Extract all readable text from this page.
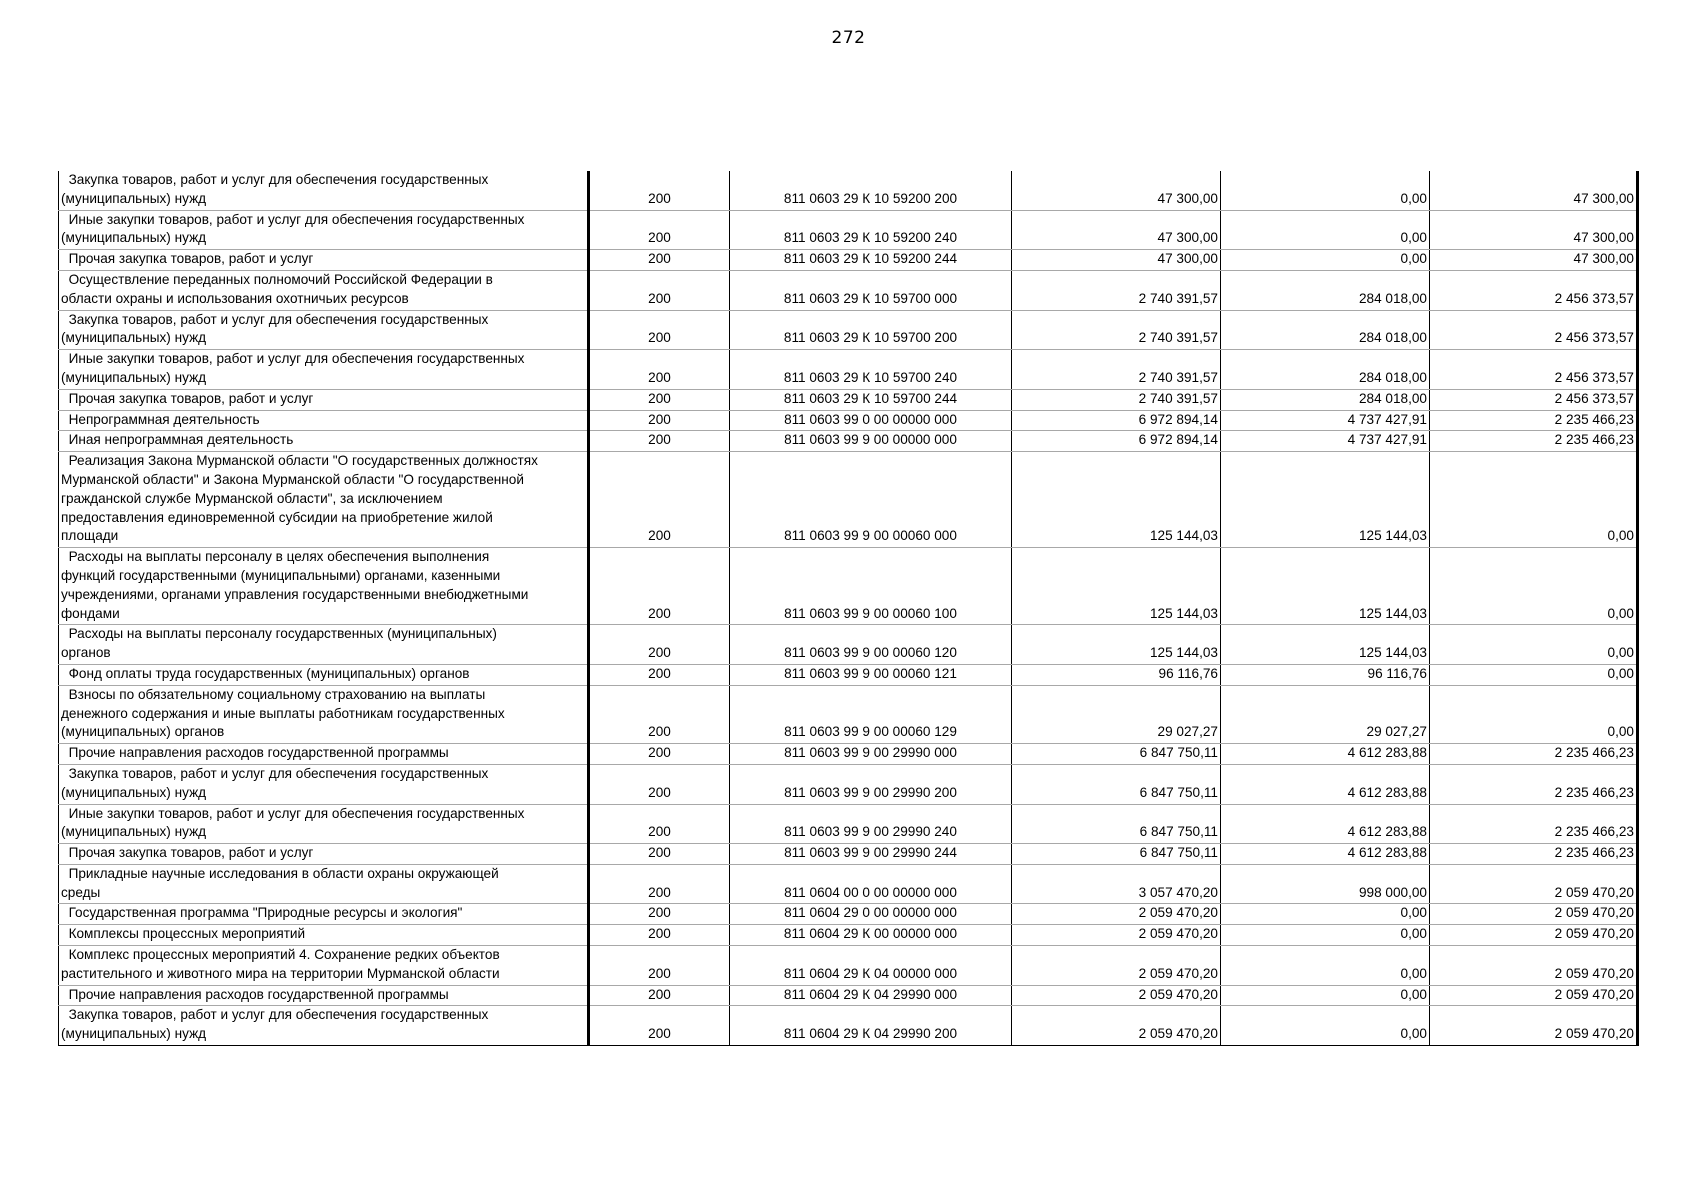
272
Закупка товаров, работ и услуг для обеспечения государственных
(муниципальных) нужд	200	811 0603 29 К 10 59200 200	47 300,00	0,00	47 300,00
Иные закупки товаров, работ и услуг для обеспечения государственных
(муниципальных) нужд	200	811 0603 29 К 10 59200 240	47 300,00	0,00	47 300,00
Прочая закупка товаров, работ и услуг	200	811 0603 29 К 10 59200 244	47 300,00	0,00	47 300,00
Осуществление переданных полномочий Российской Федерации в
области охраны и использования охотничьих ресурсов	200	811 0603 29 К 10 59700 000	2 740 391,57	284 018,00	2 456 373,57
Закупка товаров, работ и услуг для обеспечения государственных
(муниципальных) нужд	200	811 0603 29 К 10 59700 200	2 740 391,57	284 018,00	2 456 373,57
Иные закупки товаров, работ и услуг для обеспечения государственных
(муниципальных) нужд	200	811 0603 29 К 10 59700 240	2 740 391,57	284 018,00	2 456 373,57
Прочая закупка товаров, работ и услуг	200	811 0603 29 К 10 59700 244	2 740 391,57	284 018,00	2 456 373,57
Непрограммная деятельность	200	811 0603 99 0 00 00000 000	6 972 894,14	4 737 427,91	2 235 466,23
Иная непрограммная деятельность	200	811 0603 99 9 00 00000 000	6 972 894,14	4 737 427,91	2 235 466,23
Реализация Закона Мурманской области "О государственных должностях
Мурманской области" и Закона Мурманской области "О государственной
гражданской службе Мурманской области", за исключением
предоставления единовременной субсидии на приобретение жилой
площади	200	811 0603 99 9 00 00060 000	125 144,03	125 144,03	0,00
Расходы на выплаты персоналу в целях обеспечения выполнения
функций государственными (муниципальными) органами, казенными
учреждениями, органами управления государственными внебюджетными
фондами	200	811 0603 99 9 00 00060 100	125 144,03	125 144,03	0,00
Расходы на выплаты персоналу государственных (муниципальных)
органов	200	811 0603 99 9 00 00060 120	125 144,03	125 144,03	0,00
Фонд оплаты труда государственных (муниципальных) органов	200	811 0603 99 9 00 00060 121	96 116,76	96 116,76	0,00
Взносы по обязательному социальному страхованию на выплаты
денежного содержания и иные выплаты работникам государственных
(муниципальных) органов	200	811 0603 99 9 00 00060 129	29 027,27	29 027,27	0,00
Прочие направления расходов государственной программы	200	811 0603 99 9 00 29990 000	6 847 750,11	4 612 283,88	2 235 466,23
Закупка товаров, работ и услуг для обеспечения государственных
(муниципальных) нужд	200	811 0603 99 9 00 29990 200	6 847 750,11	4 612 283,88	2 235 466,23
Иные закупки товаров, работ и услуг для обеспечения государственных
(муниципальных) нужд	200	811 0603 99 9 00 29990 240	6 847 750,11	4 612 283,88	2 235 466,23
Прочая закупка товаров, работ и услуг	200	811 0603 99 9 00 29990 244	6 847 750,11	4 612 283,88	2 235 466,23
Прикладные научные исследования в области охраны окружающей
среды	200	811 0604 00 0 00 00000 000	3 057 470,20	998 000,00	2 059 470,20
Государственная программа "Природные ресурсы и экология"	200	811 0604 29 0 00 00000 000	2 059 470,20	0,00	2 059 470,20
Комплексы процессных мероприятий	200	811 0604 29 К 00 00000 000	2 059 470,20	0,00	2 059 470,20
Комплекс процессных мероприятий 4. Сохранение редких объектов
растительного и животного мира на территории Мурманской области	200	811 0604 29 К 04 00000 000	2 059 470,20	0,00	2 059 470,20
Прочие направления расходов государственной программы	200	811 0604 29 К 04 29990 000	2 059 470,20	0,00	2 059 470,20
Закупка товаров, работ и услуг для обеспечения государственных
(муниципальных) нужд	200	811 0604 29 К 04 29990 200	2 059 470,20	0,00	2 059 470,20
